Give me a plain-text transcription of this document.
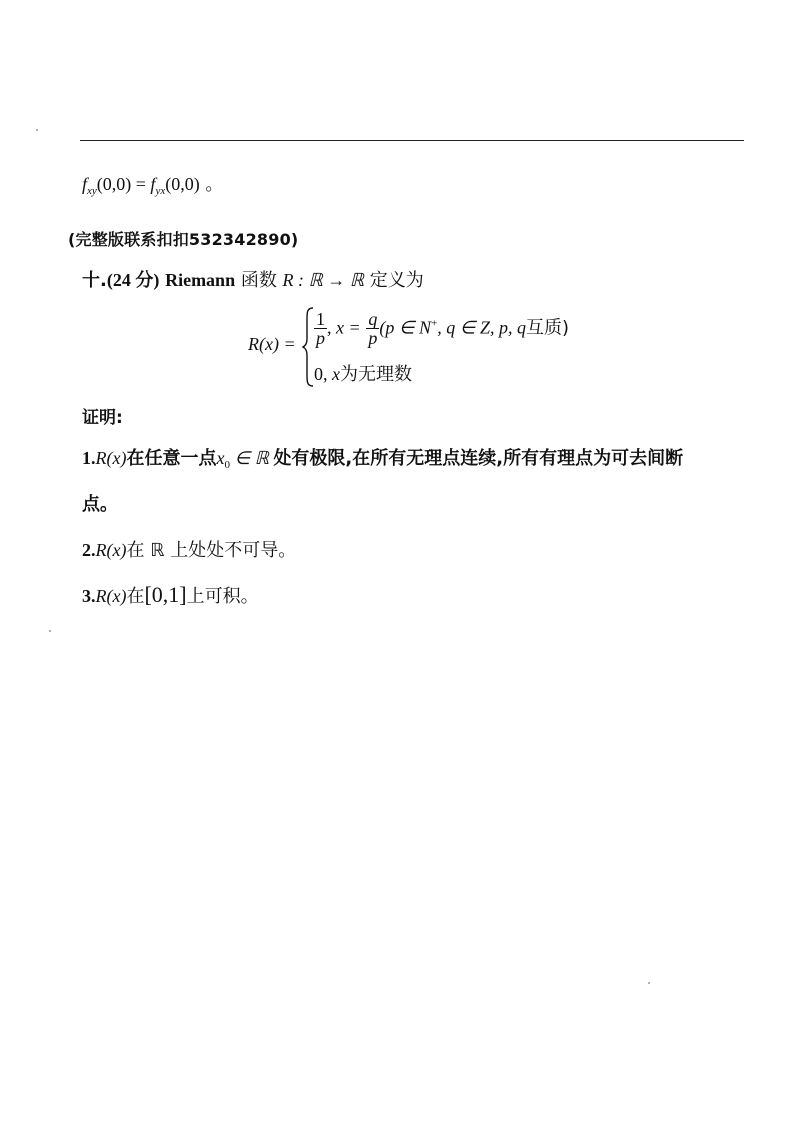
$f_{xy}(0,0) = f_{yx}(0,0)$ 。
(完整版联系扣扣532342890)
十.(24 分) Riemann 函数 R : ℝ → ℝ 定义为
$R(x) = \frac{1}{p}$ , $x = \frac{q}{p} (p$ ∈ N+, q ∈ Z, p, q互质)
0, x为无理数
证明:
1.R(x)在任意一点$x_0$ ∈ ℝ 处有极限,在所有无理点连续,所有有理点为可去间断
点。
2.R(x)在 ℝ 上处处不可导。
3.R(x)在[0,1]上可积。
